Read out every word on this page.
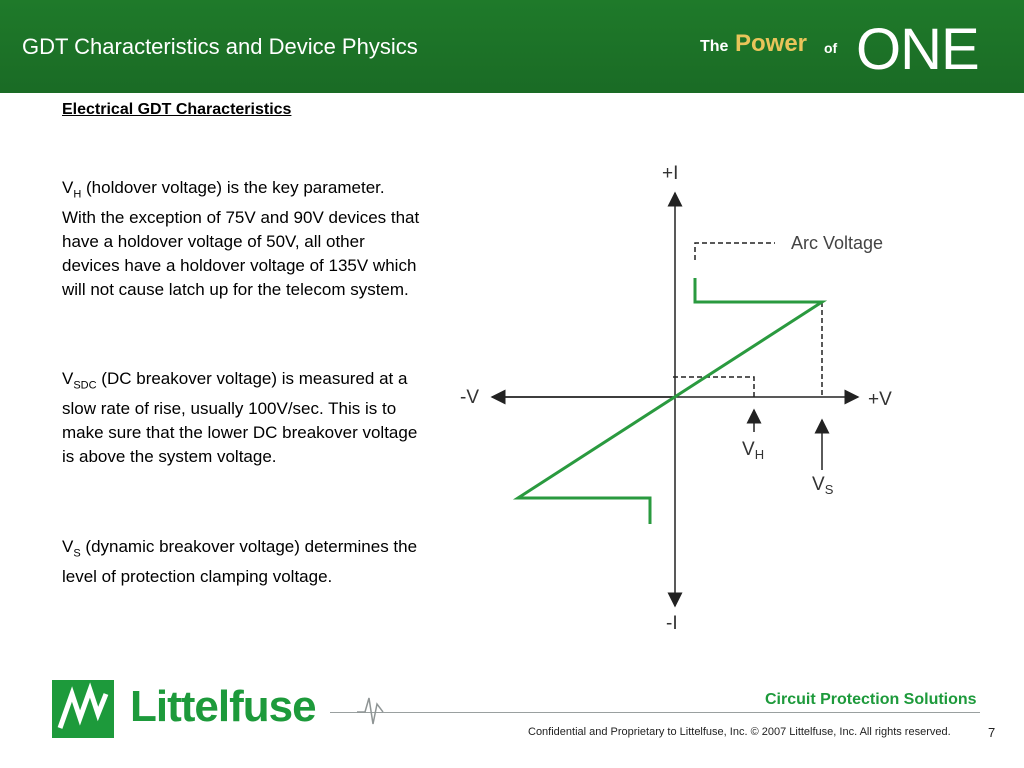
GDT Characteristics and Device Physics	The Power of ONE
Electrical GDT Characteristics
$V_H$ (holdover voltage) is the key parameter. With the exception of 75V and 90V devices that have a holdover voltage of 50V, all other devices have a holdover voltage of 135V which will not cause latch up for the telecom system.
$V_{SDC}$ (DC breakover voltage) is measured at a slow rate of rise, usually 100V/sec. This is to make sure that the lower DC breakover voltage is above the system voltage.
$V_S$ (dynamic breakover voltage) determines the level of protection clamping voltage.
+I
-I
+V
-V
Arc Voltage
$V_H$
$V_S$
Littelfuse	Circuit Protection Solutions
Confidential and Proprietary to Littelfuse, Inc. © 2007 Littelfuse, Inc. All rights reserved.	7
